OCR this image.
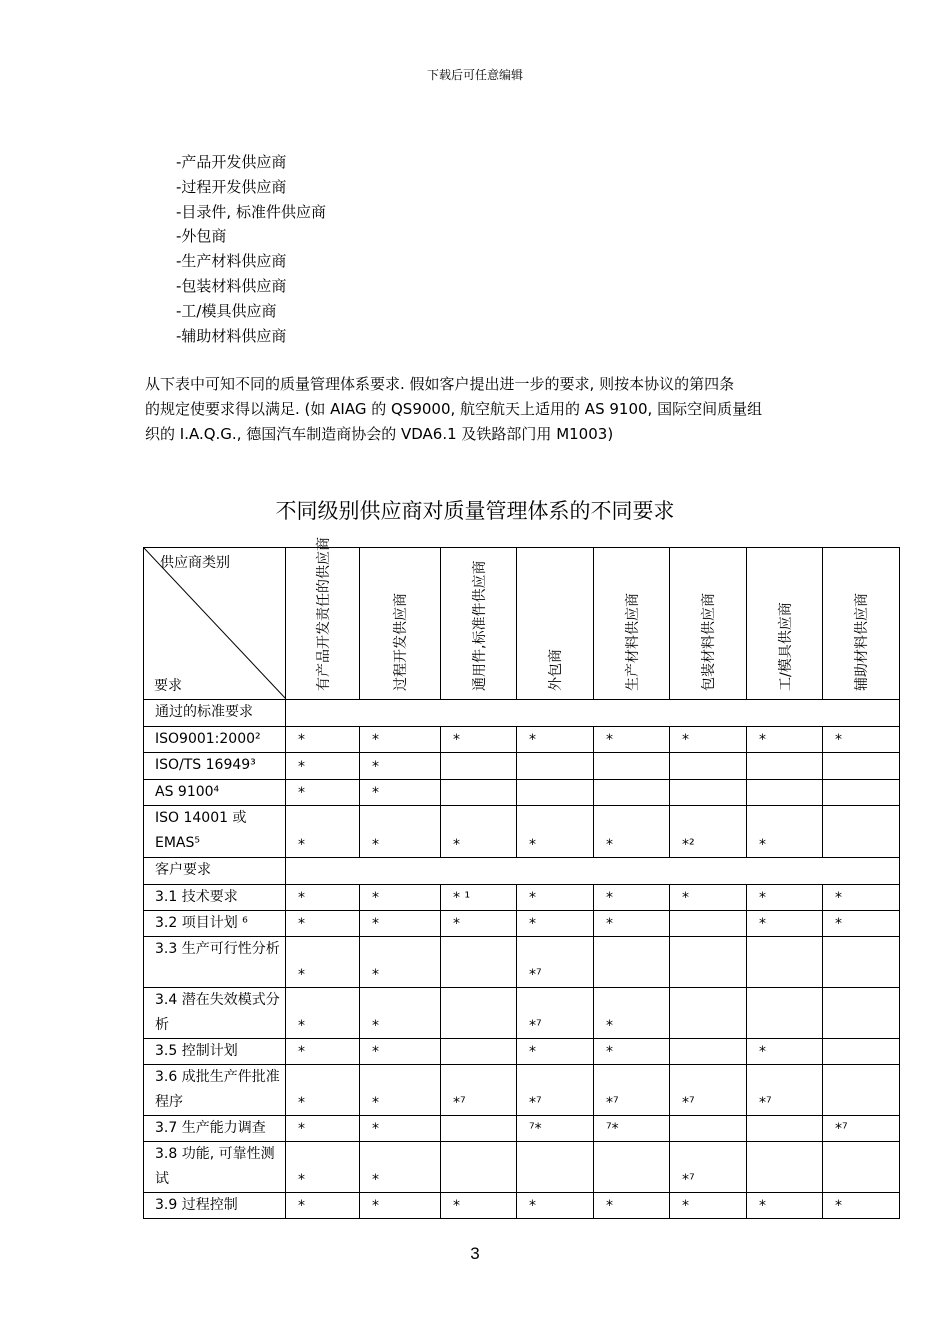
下载后可任意编辑
-产品开发供应商
-过程开发供应商
-目录件, 标准件供应商
-外包商
-生产材料供应商
-包装材料供应商
-工/模具供应商
-辅助材料供应商
从下表中可知不同的质量管理体系要求. 假如客户提出进一步的要求, 则按本协议的第四条
的规定使要求得以满足. (如 AIAG 的 QS9000, 航空航天上适用的 AS 9100, 国际空间质量组
织的 I.A.Q.G., 德国汽车制造商协会的 VDA6.1 及铁路部门用 M1003)
不同级别供应商对质量管理体系的不同要求
供应商类别
要求	有产品开发责任的供应商	过程开发供应商	通用件,标准件供应商	外包商	生产材料供应商	包装材料供应商	工/模具供应商	辅助材料供应商

通过的标准要求								
ISO9001:2000²	*	*	*	*	*	*	*	*
ISO/TS 16949³	*	*						
AS 9100⁴	*	*						
ISO 14001 或 EMAS⁵	*	*	*	*	*	*²	*	
客户要求								
3.1 技术要求	*	*	* ¹	*	*	*	*	*
3.2 项目计划 ⁶	*	*	*	*	*		*	*
3.3 生产可行性分析	*	*		*⁷				
3.4 潜在失效模式分析	*	*		*⁷	*			
3.5 控制计划	*	*		*	*		*	
3.6 成批生产件批准程序	*	*	*⁷	*⁷	*⁷	*⁷	*⁷	
3.7 生产能力调查	*	*		⁷*	⁷*			*⁷
3.8 功能, 可靠性测试	*	*				*⁷		
3.9 过程控制	*	*	*	*	*	*	*	*
3
